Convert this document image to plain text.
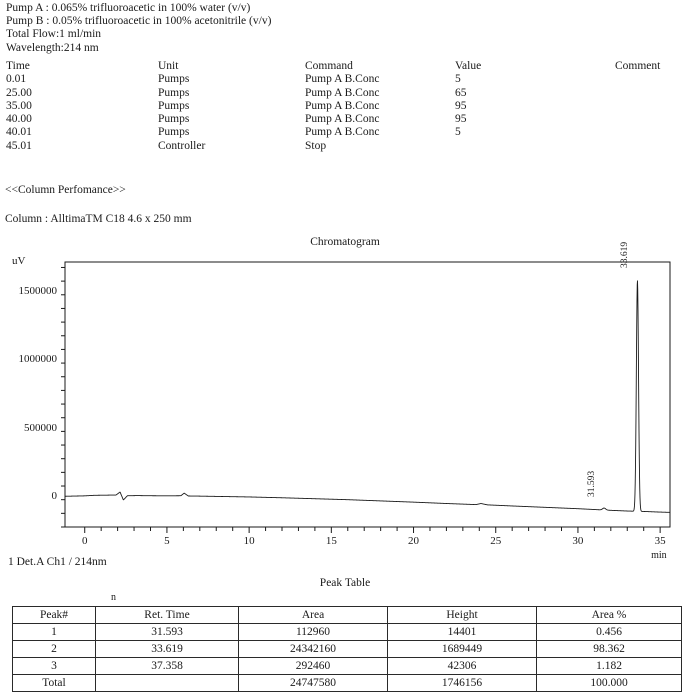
Pump A : 0.065% trifluoroacetic in 100% water (v/v)
Pump B : 0.05% trifluoroacetic in 100% acetonitrile (v/v)
Total Flow:1 ml/min
Wavelength:214 nm
Time	Unit	Command	Value	Comment
0.01	Pumps	Pump A B.Conc	5	
25.00	Pumps	Pump A B.Conc	65	
35.00	Pumps	Pump A B.Conc	95	
40.00	Pumps	Pump A B.Conc	95	
40.01	Pumps	Pump A B.Conc	5	
45.01	Controller	Stop		
<<Column Perfomance>>
Column : AlltimaTM C18 4.6 x 250 mm
Chromatogram
uV
0
500000
1000000
1500000
0	5	10	15	20	25	30	35
min
31.593
33.619
1 Det.A Ch1 / 214nm
Peak Table
n
Peak#	Ret. Time	Area	Height	Area %
1	31.593	112960	14401	0.456
2	33.619	24342160	1689449	98.362
3	37.358	292460	42306	1.182
Total		24747580	1746156	100.000
